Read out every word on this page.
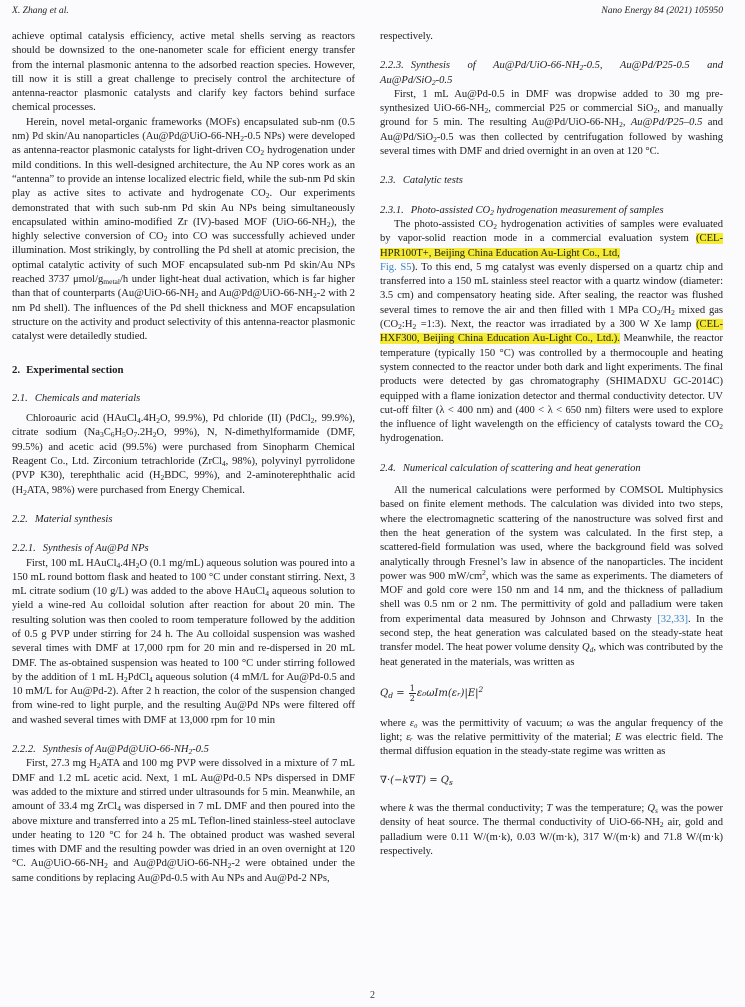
X. Zhang et al.	Nano Energy 84 (2021) 105950

achieve optimal catalysis efficiency, active metal shells serving as reactors should be downsized to the one-nanometer scale for efficient energy transfer from the internal plasmonic antenna to the adsorbed reaction species. However, till now it is still a great challenge to precisely control the architecture of antenna-reactor plasmonic catalysts and clarify key factors behind surface chemical processes.

Herein, novel metal-organic frameworks (MOFs) encapsulated sub-nm (0.5 nm) Pd skin/Au nanoparticles ($Au@Pd@UiO-66-NH_2-0.5$ NPs) were developed as antenna-reactor plasmonic catalysts for light-driven $CO_2$ hydrogenation under mild conditions. In this well-designed architecture, the Au NP cores work as an “antenna” to provide an intense localized electric field, while the sub-nm Pd skin play as active sites to activate and hydrogenate $CO_2$. Our experiments demonstrated that with such sub-nm Pd skin Au NPs being simultaneously encapsulated within amino-modified Zr (IV)-based MOF $(UiO-66-NH_2)$, the highly selective conversion of $CO_2$ into CO was successfully achieved under illumination. Most strikingly, by controlling the Pd shell at atomic precision, the optimal catalytic activity of such MOF encapsulated sub-nm Pd skin/Au NPs reached 3737 μmol/$g_{metal}/h$ under light-heat dual activation, which is far higher than that of counterparts ($Au@UiO-66-NH_2$ and $Au@Pd@UiO-66-NH_2-2$ with 2 nm Pd shell). The influences of the Pd shell thickness and MOF encapsulation structure on the activity and product selectivity of this antenna-reactor plasmonic catalyst were detailedly studied.

2. Experimental section
2.1. Chemicals and materials

Chloroauric acid ($HAuCl_4.4H_2O$, 99.9%), Pd chloride (II) (PdCl$_2$, 99.9%), citrate sodium ($Na_3C_6H_5O_7.2H_2O$, 99%), N, N-dimethylformamide (DMF, 99.5%) and acetic acid (99.5%) were purchased from Sinopharm Chemical Reagent Co., Ltd. Zirconium tetrachloride (ZrCl$_4$, 98%), polyvinyl pyrrolidone (PVP K30), terephthalic acid ($H_2BDC$, 99%), and 2-aminoterephthalic acid ($H_2ATA$, 98%) were purchased from Energy Chemical.

2.2. Material synthesis
2.2.1. Synthesis of Au@Pd NPs

First, 100 mL $HAuCl_4.4H_2O$ (0.1 mg/mL) aqueous solution was poured into a 150 mL round bottom flask and heated to 100 °C under constant stirring. Next, 3 mL citrate sodium (10 g/L) was added to the above HAuCl$_4$ aqueous solution to yield a wine-red Au colloidal solution after reaction for about 20 min. The resulting solution was then cooled to room temperature followed by the addition of 0.5 g PVP under stirring for 24 h. The Au colloidal suspension was washed several times with DMF at 17,000 rpm for 20 min and re-dispersed in 20 mL DMF. The as-obtained suspension was heated to 100 °C under stirring followed by the addition of 1 mL $H_2PdCl_4$ aqueous solution (4 mM/L for Au@Pd-0.5 and 10 mM/L for Au@Pd-2). After 2 h reaction, the color of the suspension changed from wine-red to light purple, and the resulting Au@Pd NPs were filtered off and washed several times with DMF at 13,000 rpm for 10 min

2.2.2. Synthesis of $Au@Pd@UiO-66-NH_2-0.5$

First, 27.3 mg $H_2ATA$ and 100 mg PVP were dissolved in a mixture of 7 mL DMF and 1.2 mL acetic acid. Next, 1 mL Au@Pd-0.5 NPs dispersed in DMF was added to the mixture and stirred under ultrasounds for 5 min. Meanwhile, an amount of 33.4 mg ZrCl$_4$ was dispersed in 7 mL DMF and then poured into the above mixture and transferred into a 25 mL Teflon-lined stainless-steel autoclave under heating to 120 °C for 24 h. The obtained product was washed several times with DMF and the resulting powder was dried in an oven overnight at 120 °C. $Au@UiO-66-NH_2$ and $Au@Pd@UiO-66-NH_2-2$ were obtained under the same conditions by replacing Au@Pd-0.5 with Au NPs and Au@Pd-2 NPs,

respectively.

2.2.3. Synthesis of $Au@Pd/UiO-66-NH_2-0.5$, Au@Pd/P25-0.5 and Au@Pd/SiO$_2$-0.5

First, 1 mL Au@Pd-0.5 in DMF was dropwise added to 30 mg pre-synthesized UiO-$66-NH_2$, commercial P25 or commercial SiO$_2$, and manually ground for 5 min. The resulting $Au@Pd/UiO-66-NH_2$, Au@Pd/P25–0.5 and Au@Pd/SiO$_2$-0.5 was then collected by centrifugation followed by washing several times with DMF and dried overnight in an oven at 120 °C.

2.3. Catalytic tests
2.3.1. Photo-assisted $CO_2$ hydrogenation measurement of samples

The photo-assisted $CO_2$ hydrogenation activities of samples were evaluated by vapor-solid reaction mode in a commercial evaluation system (CEL-HPR100T+, Beijing China Education Au-Light Co., Ltd,
Fig. S5). To this end, 5 mg catalyst was evenly dispersed on a quartz chip and transferred into a 150 mL stainless steel reactor with a quartz window (diameter: 3.5 cm) and compensatory heating side. After sealing, the reactor was flushed several times to remove the air and then filled with 1 MPa $CO_2/H_2$ mixed gas ($CO_2:H_2$ =1:3). Next, the reactor was irradiated by a 300 W Xe lamp (CEL-HXF300, Beijing China Education Au-Light Co., Ltd.). Meanwhile, the reactor temperature (typically 150 °C) was controlled by a thermocouple and heating system connected to the reactor under both dark and light experiments. The final products were detected by gas chromatography (SHIMADXU GC-2014C) equipped with a flame ionization detector and thermal conductivity detector. UV cut-off filter (λ < 400 nm) and (400 < λ < 650 nm) filters were used to explore the influence of light wavelength on the efficiency of catalysts toward the $CO_2$ hydrogenation.

2.4. Numerical calculation of scattering and heat generation

All the numerical calculations were performed by COMSOL Multiphysics based on finite element methods. The calculation was divided into two steps, where the electromagnetic scattering of the nanostructure was solved first and then the heat generation of the system was calculated. In the first step, a scattered-field formulation was used, where the background field was solved analytically through Fresnel’s law in absence of the nanoparticles. The incident power was 900 $mW/cm^2$, which was the same as experiments. The diameters of MOF and gold core were 150 nm and 14 nm, and the thickness of palladium shell was 0.5 nm or 2 nm. The permittivity of gold and palladium were taken from experimental data measured by Johnson and Chrwasty [32,33]. In the second step, the heat generation was calculated based on the steady-state heat transfer model. The heat power volume density $Q_d$, which was contributed by the heat generated in the materials, was written as

$Q_d = \frac{1}{2}$ $\varepsilon_0\omega Im(\varepsilon ᵣ)|E|^2$

where ε₀ was the permittivity of vacuum; ω was the angular frequency of the light; εᵣ was the relative permittivity of the material; E was electric field. The thermal diffusion equation in the steady-state regime was written as

$\nabla\cdot(-k\nabla T) = Q_s$

where k was the thermal conductivity; T was the temperature; $Q_s$ was the power density of heat source. The thermal conductivity of UiO-$66-NH_2$ air, gold and palladium were 0.11 W/(m·k), 0.03 W/(m·k), 317 W/(m·k) and 71.8 W/(m·k) respectively.

2
